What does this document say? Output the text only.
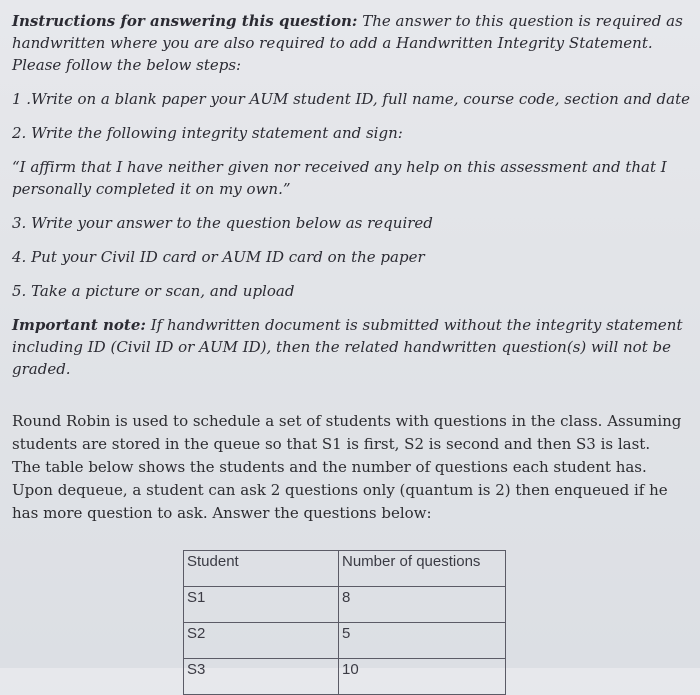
Instructions for answering this question: The answer to this question is required as handwritten where you are also required to add a Handwritten Integrity Statement. Please follow the below steps:

1 .Write on a blank paper your AUM student ID, full name, course code, section and date

2. Write the following integrity statement and sign:

“I affirm that I have neither given nor received any help on this assessment and that I personally completed it on my own.”

3. Write your answer to the question below as required

4. Put your Civil ID card or AUM ID card on the paper

5. Take a picture or scan, and upload

Important note: If handwritten document is submitted without the integrity statement including ID (Civil ID or AUM ID), then the related handwritten question(s) will not be graded.

Round Robin is used to schedule a set of students with questions in the class. Assuming students are stored in the queue so that S1 is first, S2 is second and then S3 is last. The table below shows the students and the number of questions each student has. Upon dequeue, a student can ask 2 questions only (quantum is 2) then enqueued if he has more question to ask. Answer the questions below:

Student	Number of questions
S1	8
S2	5
S3	10
